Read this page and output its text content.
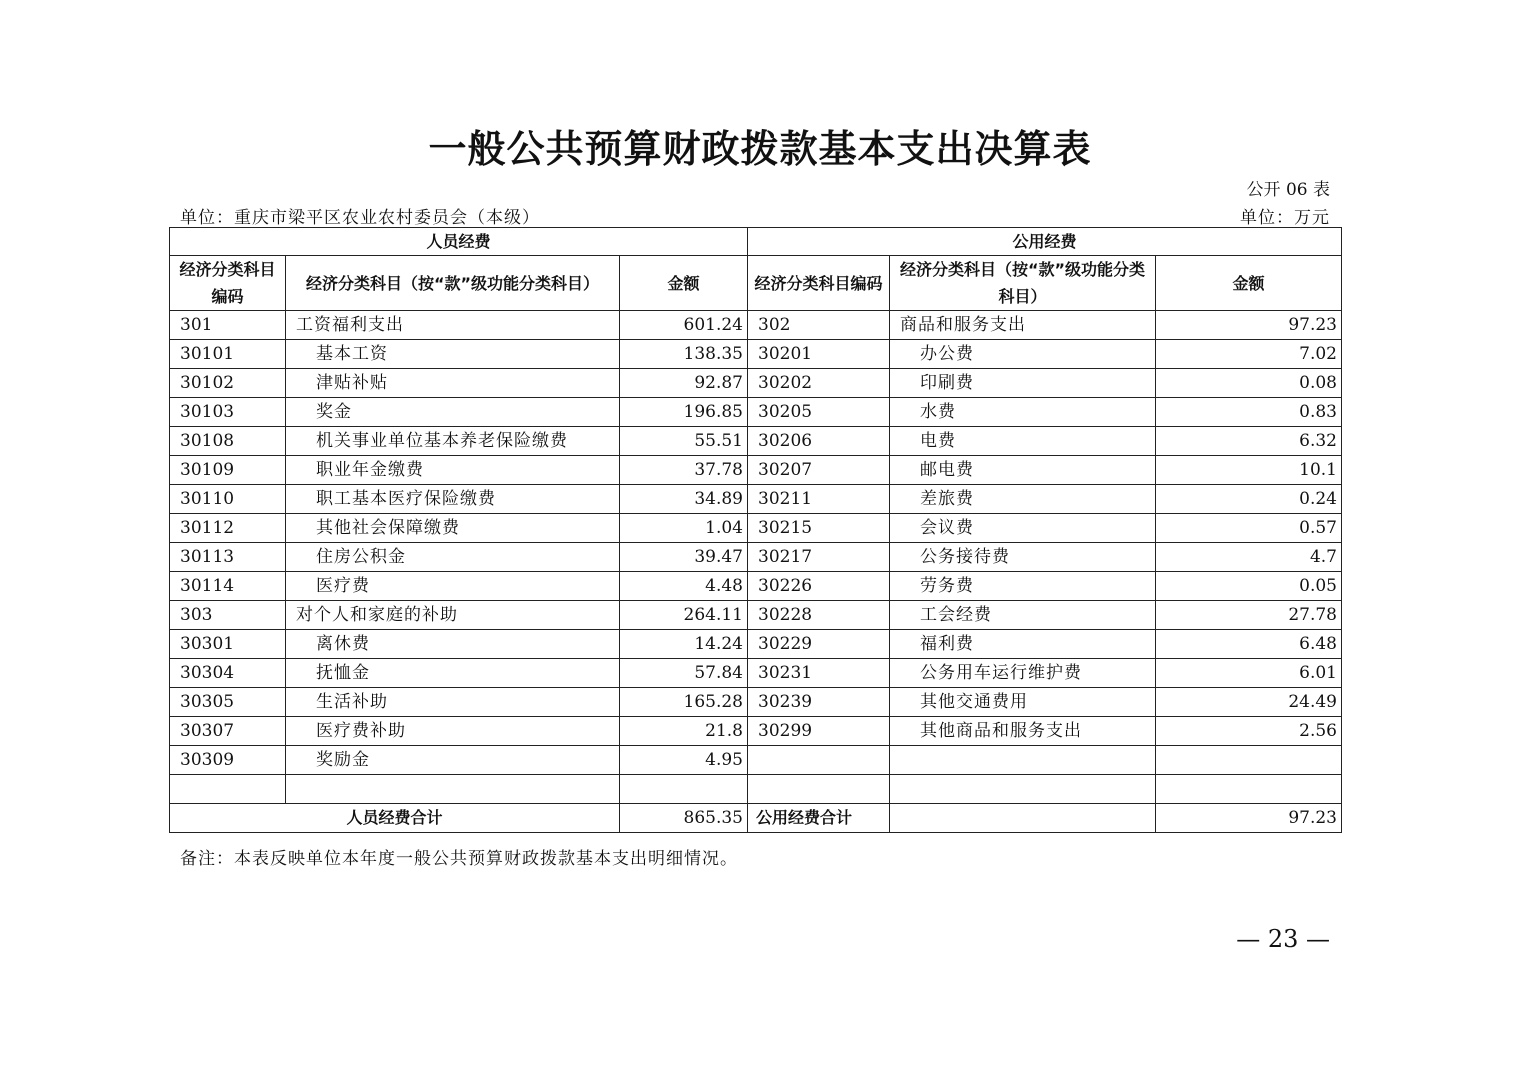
一般公共预算财政拨款基本支出决算表
公开 06 表
单位：重庆市梁平区农业农村委员会（本级）	单位：万元
人员经费			公用经费		
经济分类科目编码	经济分类科目（按“款”级功能分类科目）	金额	经济分类科目编码	经济分类科目（按“款”级功能分类科目）	金额
301	工资福利支出	601.24	302	商品和服务支出	97.23
30101	基本工资	138.35	30201	办公费	7.02
30102	津贴补贴	92.87	30202	印刷费	0.08
30103	奖金	196.85	30205	水费	0.83
30108	机关事业单位基本养老保险缴费	55.51	30206	电费	6.32
30109	职业年金缴费	37.78	30207	邮电费	10.1
30110	职工基本医疗保险缴费	34.89	30211	差旅费	0.24
30112	其他社会保障缴费	1.04	30215	会议费	0.57
30113	住房公积金	39.47	30217	公务接待费	4.7
30114	医疗费	4.48	30226	劳务费	0.05
303	对个人和家庭的补助	264.11	30228	工会经费	27.78
30301	离休费	14.24	30229	福利费	6.48
30304	抚恤金	57.84	30231	公务用车运行维护费	6.01
30305	生活补助	165.28	30239	其他交通费用	24.49
30307	医疗费补助	21.8	30299	其他商品和服务支出	2.56
30309	奖励金	4.95			

人员经费合计		865.35	公用经费合计		97.23
备注：本表反映单位本年度一般公共预算财政拨款基本支出明细情况。
— 23 —
